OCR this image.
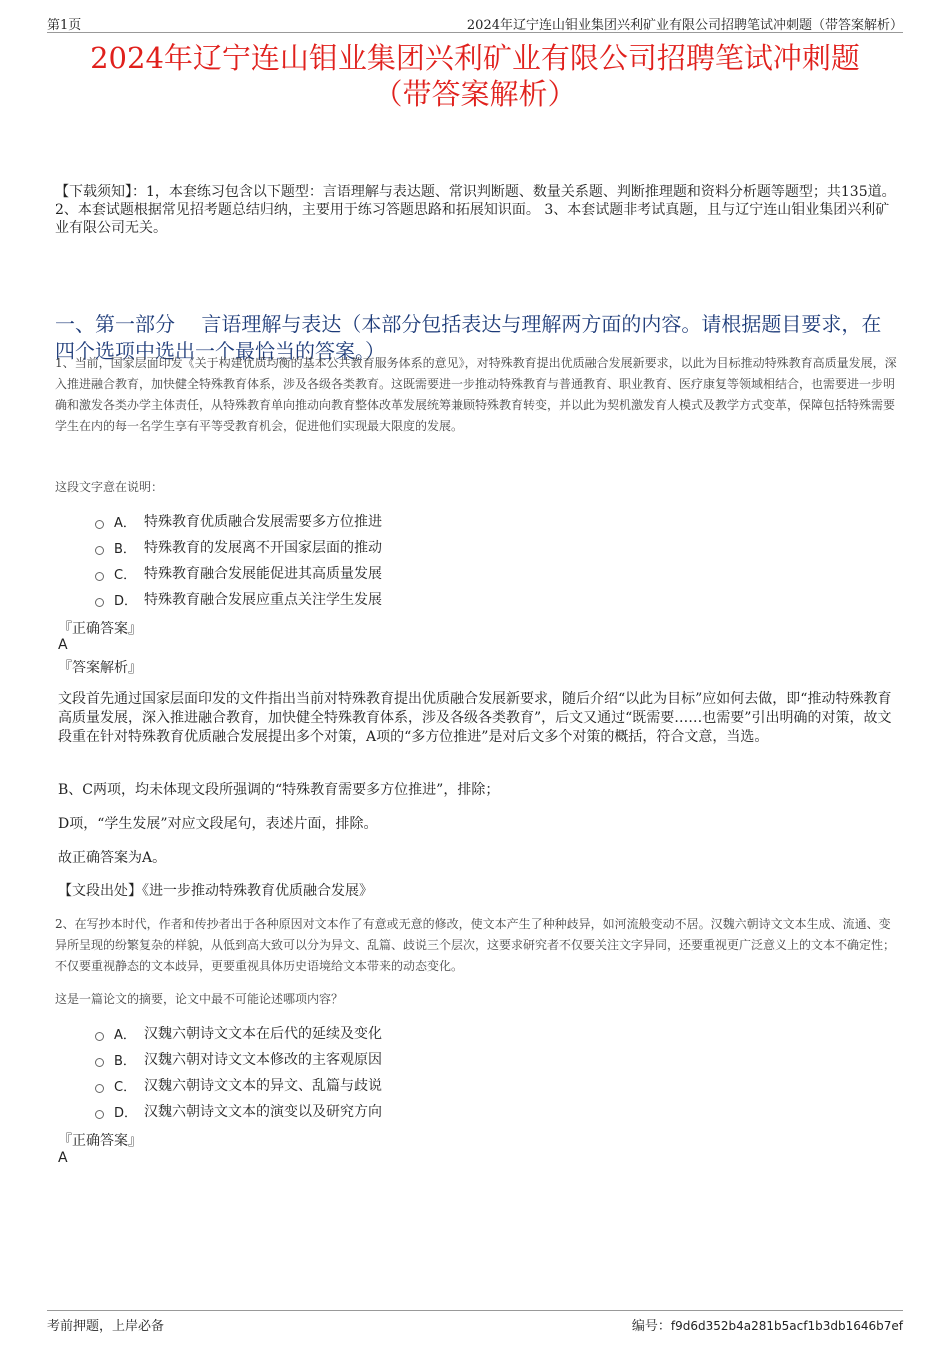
第1页	2024年辽宁连山钼业集团兴利矿业有限公司招聘笔试冲刺题（带答案解析）
2024年辽宁连山钼业集团兴利矿业有限公司招聘笔试冲刺题
（带答案解析）
【下载须知】：1，本套练习包含以下题型：言语理解与表达题、常识判断题、数量关系题、判断推理题和资料分析题等题型；共135道。 2、本套试题根据常见招考题总结归纳，主要用于练习答题思路和拓展知识面。 3、本套试题非考试真题，且与辽宁连山钼业集团兴利矿业有限公司无关。
一、第一部分　 言语理解与表达（本部分包括表达与理解两方面的内容。请根据题目要求，在四个选项中选出一个最恰当的答案。）
1、当前，国家层面印发《关于构建优质均衡的基本公共教育服务体系的意见》，对特殊教育提出优质融合发展新要求，以此为目标推动特殊教育高质量发展，深入推进融合教育，加快健全特殊教育体系，涉及各级各类教育。这既需要进一步推动特殊教育与普通教育、职业教育、医疗康复等领域相结合，也需要进一步明确和激发各类办学主体责任，从特殊教育单向推动向教育整体改革发展统筹兼顾特殊教育转变，并以此为契机激发育人模式及教学方式变革，保障包括特殊需要学生在内的每一名学生享有平等受教育机会，促进他们实现最大限度的发展。
这段文字意在说明：
A． 特殊教育优质融合发展需要多方位推进
B． 特殊教育的发展离不开国家层面的推动
C． 特殊教育融合发展能促进其高质量发展
D． 特殊教育融合发展应重点关注学生发展
『正确答案』
A
『答案解析』
文段首先通过国家层面印发的文件指出当前对特殊教育提出优质融合发展新要求，随后介绍“以此为目标”应如何去做，即“推动特殊教育高质量发展，深入推进融合教育，加快健全特殊教育体系，涉及各级各类教育”，后文又通过“既需要……也需要”引出明确的对策，故文段重在针对特殊教育优质融合发展提出多个对策，A项的“多方位推进”是对后文多个对策的概括，符合文意，当选。
B、C两项，均未体现文段所强调的“特殊教育需要多方位推进”，排除；
D项，“学生发展”对应文段尾句，表述片面，排除。
故正确答案为A。
【文段出处】《进一步推动特殊教育优质融合发展》
2、在写抄本时代，作者和传抄者出于各种原因对文本作了有意或无意的修改，使文本产生了种种歧异，如河流般变动不居。汉魏六朝诗文文本生成、流通、变异所呈现的纷繁复杂的样貌，从低到高大致可以分为异文、乱篇、歧说三个层次，这要求研究者不仅要关注文字异同，还要重视更广泛意义上的文本不确定性；不仅要重视静态的文本歧异，更要重视具体历史语境给文本带来的动态变化。
这是一篇论文的摘要，论文中最不可能论述哪项内容？
A． 汉魏六朝诗文文本在后代的延续及变化
B． 汉魏六朝对诗文文本修改的主客观原因
C． 汉魏六朝诗文文本的异文、乱篇与歧说
D． 汉魏六朝诗文文本的演变以及研究方向
『正确答案』
A
考前押题，上岸必备	编号：f9d6d352b4a281b5acf1b3db1646b7ef
